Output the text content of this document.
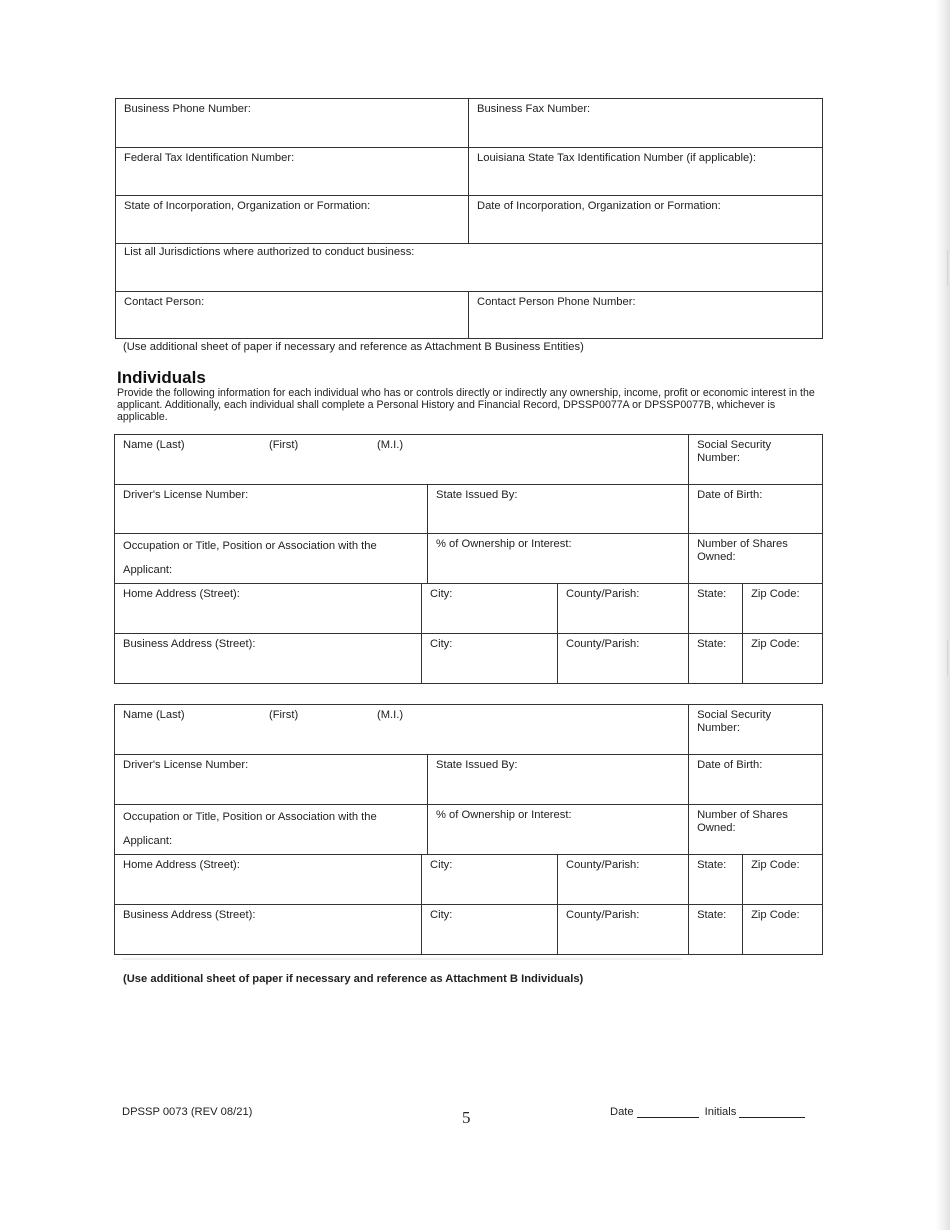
Business Phone Number:	Business Fax Number:

Federal Tax Identification Number:	Louisiana State Tax Identification Number (if applicable):

State of Incorporation, Organization or Formation:	Date of Incorporation, Organization or Formation:

List all Jurisdictions where authorized to conduct business:	

Contact Person:	Contact Person Phone Number:
(Use additional sheet of paper if necessary and reference as Attachment B Business Entities)
Individuals
Provide the following information for each individual who has or controls directly or indirectly any ownership, income, profit or economic interest in the applicant. Additionally, each individual shall complete a Personal History and Financial Record, DPSSP0077A or DPSSP0077B, whichever is applicable.
Name (Last) (First) (M.I.)				Social Security Number:	

Driver's License Number:		State Issued By:		Date of Birth:	

Occupation or Title, Position or Association with the
Applicant:		% of Ownership or Interest:		Number of Shares Owned:	

Home Address (Street):	City:		County/Parish:	State:	Zip Code:

Business Address (Street):	City:		County/Parish:	State:	Zip Code:
Name (Last) (First) (M.I.)				Social Security Number:	

Driver's License Number:		State Issued By:		Date of Birth:	

Occupation or Title, Position or Association with the
Applicant:		% of Ownership or Interest:		Number of Shares Owned:	

Home Address (Street):	City:		County/Parish:	State:	Zip Code:

Business Address (Street):	City:		County/Parish:	State:	Zip Code:
(Use additional sheet of paper if necessary and reference as Attachment B Individuals)
DPSSP 0073 (REV 08/21)	5	Date	Initials
